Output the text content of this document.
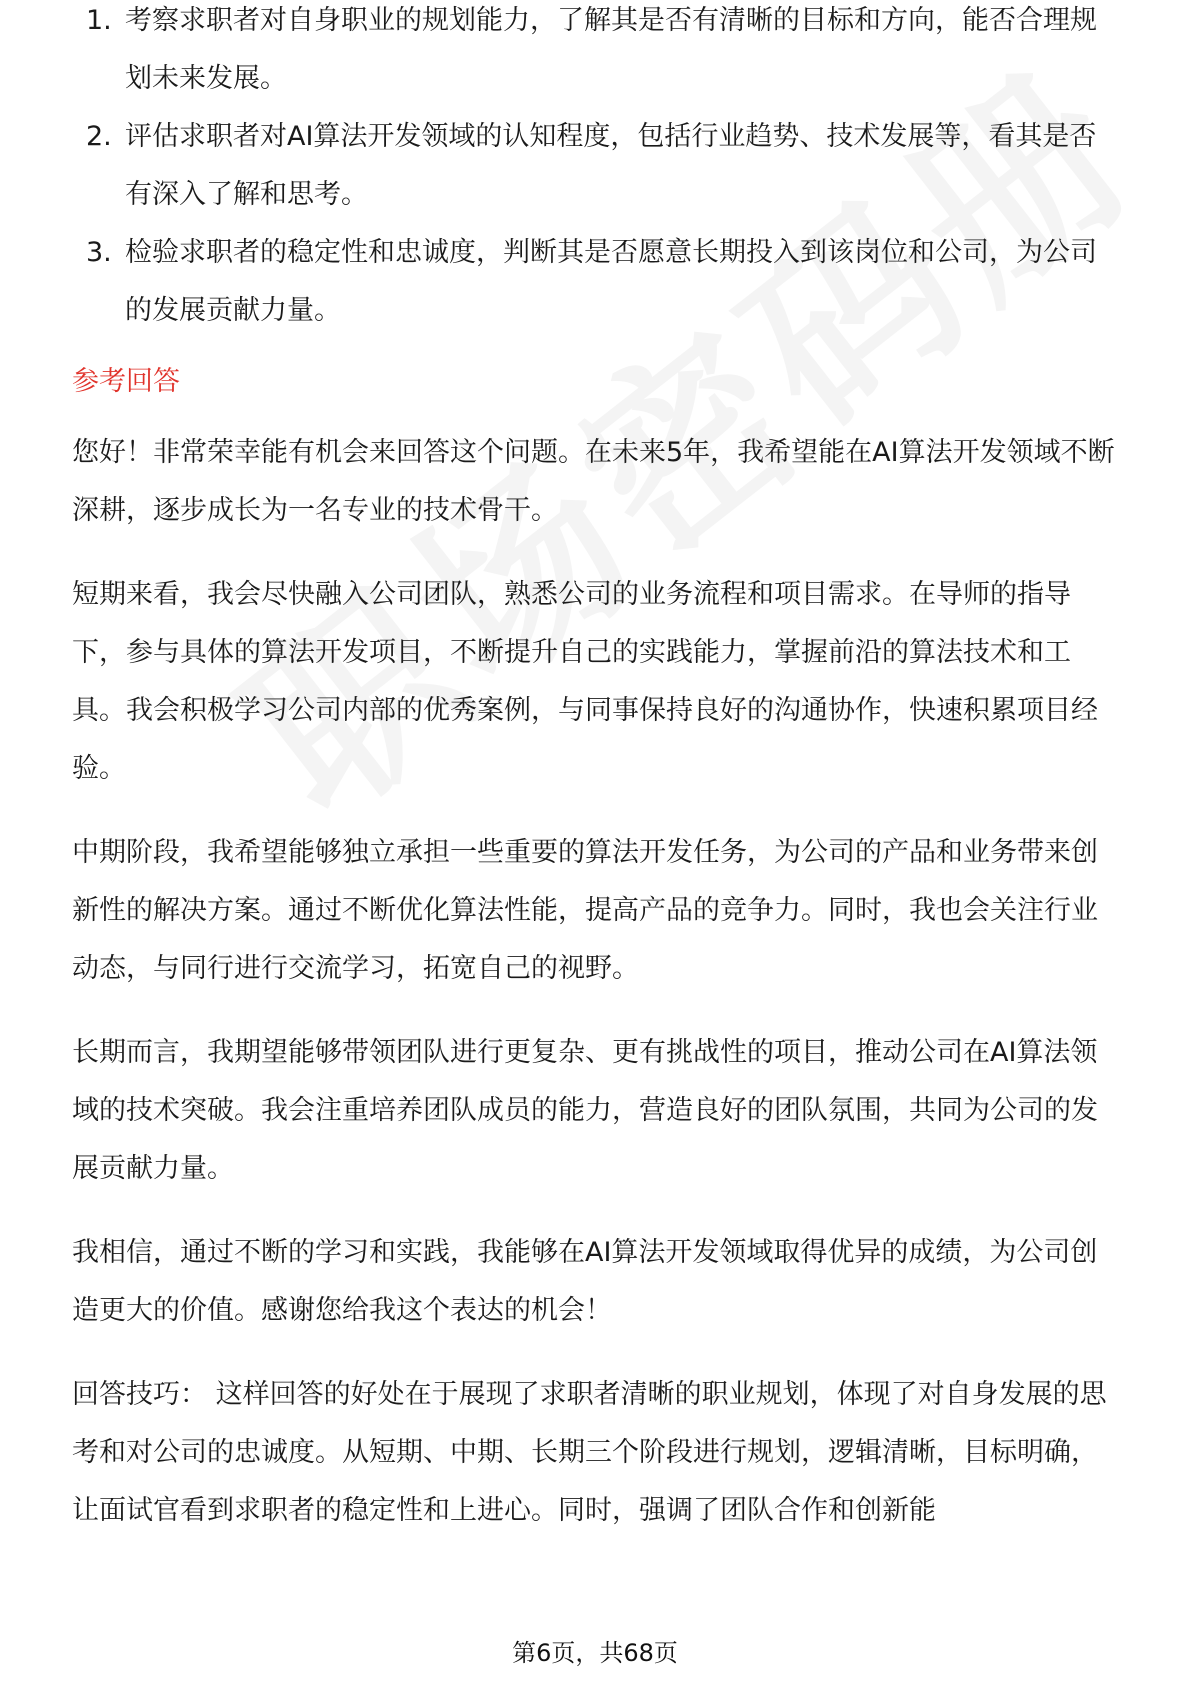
1. 考察求职者对自身职业的规划能力，了解其是否有清晰的目标和方向，能否合理规划未来发展。
2. 评估求职者对AI算法开发领域的认知程度，包括行业趋势、技术发展等，看其是否有深入了解和思考。
3. 检验求职者的稳定性和忠诚度，判断其是否愿意长期投入到该岗位和公司，为公司的发展贡献力量。
参考回答

您好！非常荣幸能有机会来回答这个问题。在未来5年，我希望能在AI算法开发领域不断深耕，逐步成长为一名专业的技术骨干。

短期来看，我会尽快融入公司团队，熟悉公司的业务流程和项目需求。在导师的指导下，参与具体的算法开发项目，不断提升自己的实践能力，掌握前沿的算法技术和工具。我会积极学习公司内部的优秀案例，与同事保持良好的沟通协作，快速积累项目经验。

中期阶段，我希望能够独立承担一些重要的算法开发任务，为公司的产品和业务带来创新性的解决方案。通过不断优化算法性能，提高产品的竞争力。同时，我也会关注行业动态，与同行进行交流学习，拓宽自己的视野。

长期而言，我期望能够带领团队进行更复杂、更有挑战性的项目，推动公司在AI算法领域的技术突破。我会注重培养团队成员的能力，营造良好的团队氛围，共同为公司的发展贡献力量。

我相信，通过不断的学习和实践，我能够在AI算法开发领域取得优异的成绩，为公司创造更大的价值。感谢您给我这个表达的机会！

回答技巧： 这样回答的好处在于展现了求职者清晰的职业规划，体现了对自身发展的思考和对公司的忠诚度。从短期、中期、长期三个阶段进行规划，逻辑清晰，目标明确，让面试官看到求职者的稳定性和上进心。同时，强调了团队合作和创新能

第6页，共68页
